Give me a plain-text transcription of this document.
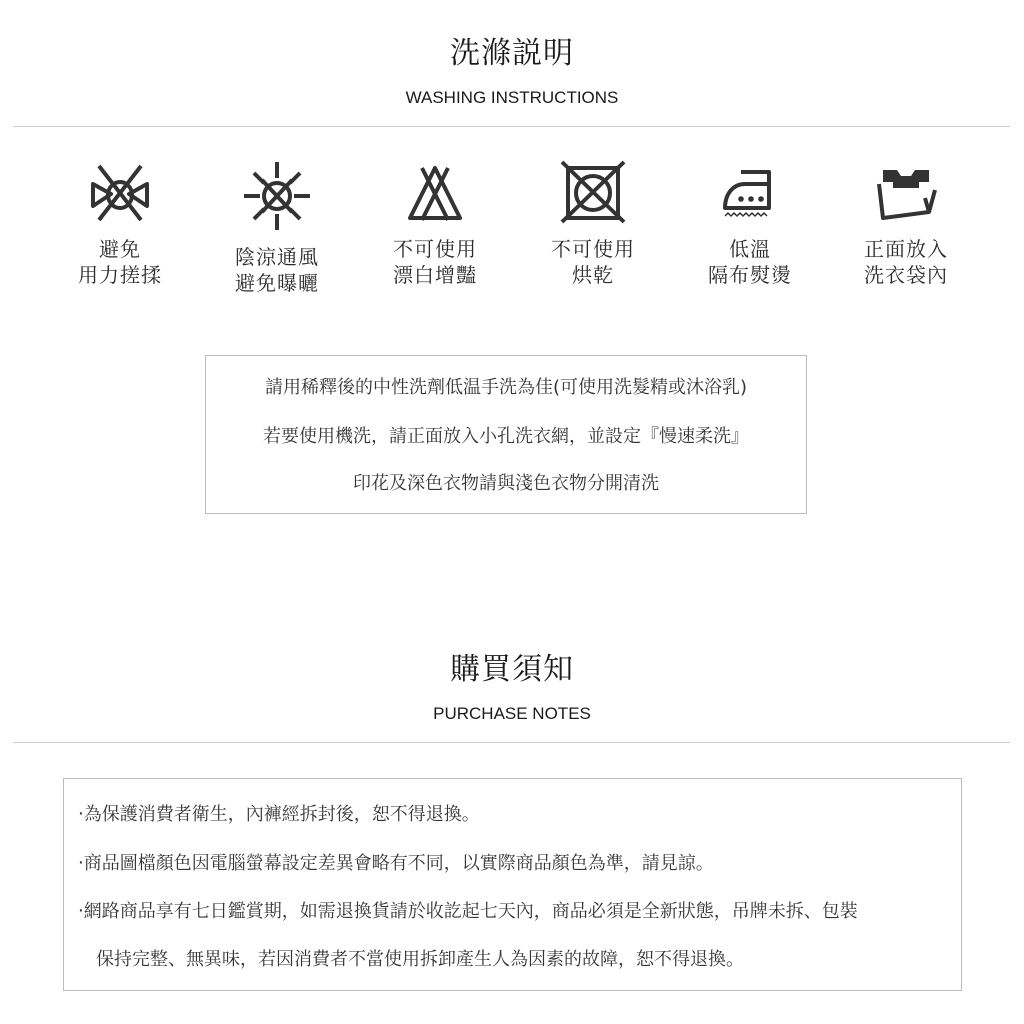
洗滌説明
WASHING INSTRUCTIONS
避免
用力搓揉
陰涼通風
避免曝曬
不可使用
漂白增豔
不可使用
烘乾
低溫
隔布熨燙
正面放入
洗衣袋內
請用稀釋後的中性洗劑低温手洗為佳(可使用洗髮精或沐浴乳)
若要使用機洗，請正面放入小孔洗衣網，並設定『慢速柔洗』
印花及深色衣物請與淺色衣物分開清洗
購買須知
PURCHASE NOTES
‧為保護消費者衛生，內褲經拆封後，恕不得退換。
‧商品圖檔顏色因電腦螢幕設定差異會略有不同，以實際商品顏色為準，請見諒。
‧網路商品享有七日鑑賞期，如需退換貨請於收訖起七天內，商品必須是全新狀態，吊牌未拆、包裝
保持完整、無異味，若因消費者不當使用拆卸產生人為因素的故障，恕不得退換。
